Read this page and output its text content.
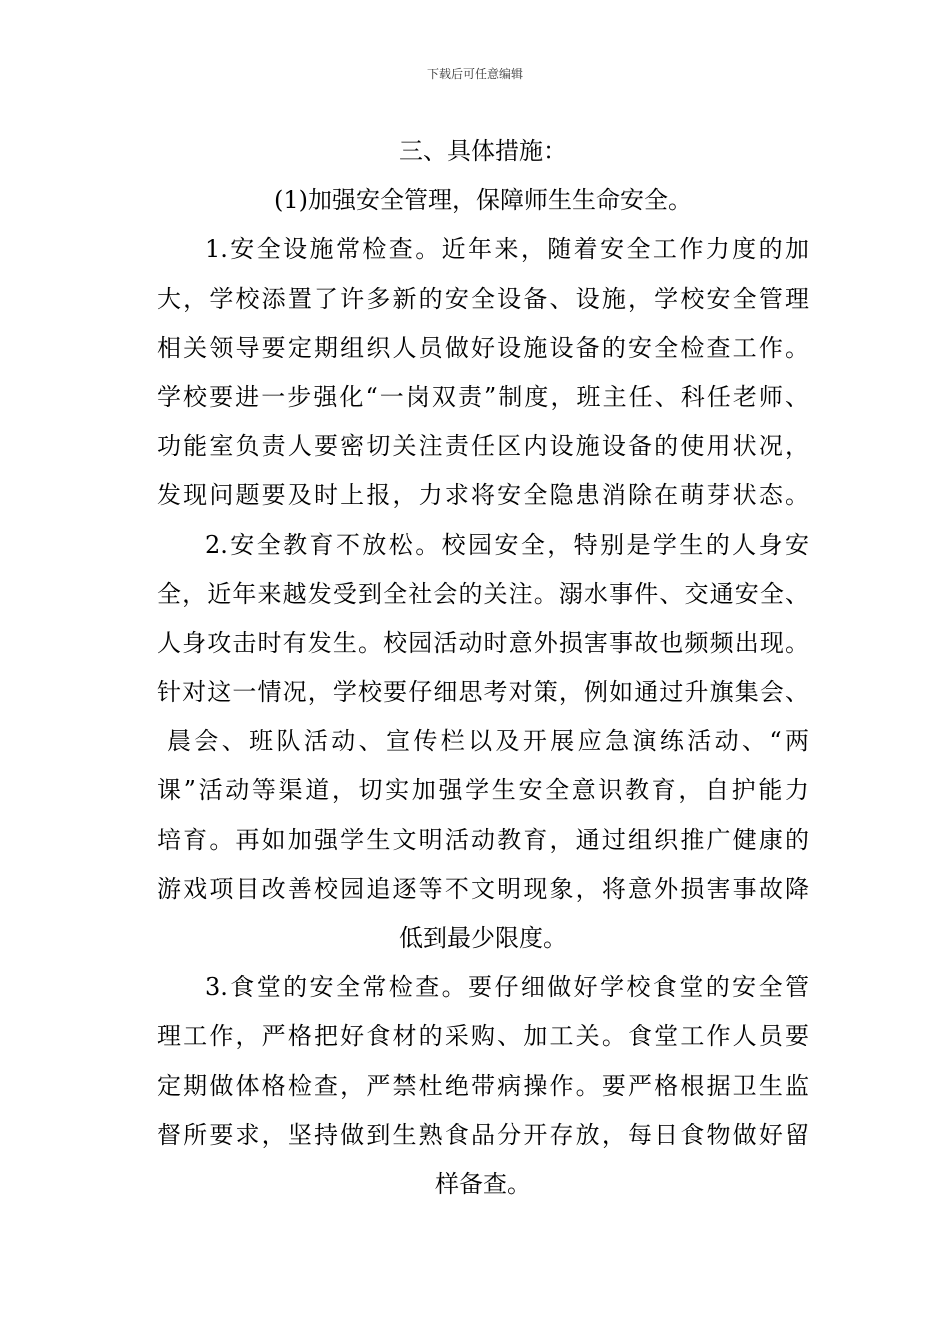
下载后可任意编辑
三、具体措施：
(1)加强安全管理，保障师生生命安全。
1.安全设施常检查。近年来，随着安全工作力度的加
大，学校添置了许多新的安全设备、设施，学校安全管理
相关领导要定期组织人员做好设施设备的安全检查工作。
学校要进一步强化“一岗双责”制度，班主任、科任老师、
功能室负责人要密切关注责任区内设施设备的使用状况，
发现问题要及时上报，力求将安全隐患消除在萌芽状态。
2.安全教育不放松。校园安全，特别是学生的人身安
全，近年来越发受到全社会的关注。溺水事件、交通安全、
人身攻击时有发生。校园活动时意外损害事故也频频出现。
针对这一情况，学校要仔细思考对策，例如通过升旗集会、
晨会、班队活动、宣传栏以及开展应急演练活动、“两
课”活动等渠道，切实加强学生安全意识教育，自护能力
培育。再如加强学生文明活动教育，通过组织推广健康的
游戏项目改善校园追逐等不文明现象，将意外损害事故降
低到最少限度。
3.食堂的安全常检查。要仔细做好学校食堂的安全管
理工作，严格把好食材的采购、加工关。食堂工作人员要
定期做体格检查，严禁杜绝带病操作。要严格根据卫生监
督所要求，坚持做到生熟食品分开存放，每日食物做好留
样备查。
